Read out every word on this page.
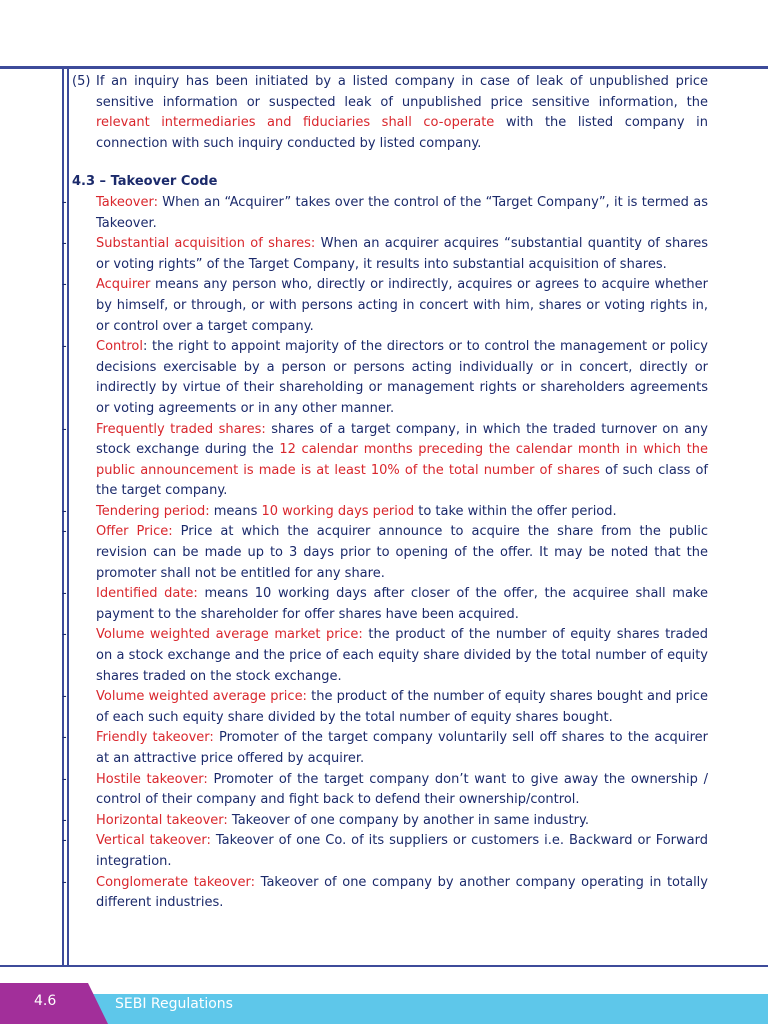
(5) If an inquiry has been initiated by a listed company in case of leak of unpublished price sensitive information or suspected leak of unpublished price sensitive information, the relevant intermediaries and fiduciaries shall co-operate with the listed company in connection with such inquiry conducted by listed company.

4.3 – Takeover Code
- Takeover: When an “Acquirer” takes over the control of the “Target Company”, it is termed as Takeover.
- Substantial acquisition of shares: When an acquirer acquires “substantial quantity of shares or voting rights” of the Target Company, it results into substantial acquisition of shares.
- Acquirer means any person who, directly or indirectly, acquires or agrees to acquire whether by himself, or through, or with persons acting in concert with him, shares or voting rights in, or control over a target company.
- Control: the right to appoint majority of the directors or to control the management or policy decisions exercisable by a person or persons acting individually or in concert, directly or indirectly by virtue of their shareholding or management rights or shareholders agreements or voting agreements or in any other manner.
- Frequently traded shares: shares of a target company, in which the traded turnover on any stock exchange during the 12 calendar months preceding the calendar month in which the public announcement is made is at least 10% of the total number of shares of such class of the target company.
- Tendering period: means 10 working days period to take within the offer period.
- Offer Price: Price at which the acquirer announce to acquire the share from the public revision can be made up to 3 days prior to opening of the offer. It may be noted that the promoter shall not be entitled for any share.
- Identified date: means 10 working days after closer of the offer, the acquiree shall make payment to the shareholder for offer shares have been acquired.
- Volume weighted average market price: the product of the number of equity shares traded on a stock exchange and the price of each equity share divided by the total number of equity shares traded on the stock exchange.
- Volume weighted average price: the product of the number of equity shares bought and price of each such equity share divided by the total number of equity shares bought.
- Friendly takeover: Promoter of the target company voluntarily sell off shares to the acquirer at an attractive price offered by acquirer.
- Hostile takeover: Promoter of the target company don’t want to give away the ownership / control of their company and fight back to defend their ownership/control.
- Horizontal takeover: Takeover of one company by another in same industry.
- Vertical takeover: Takeover of one Co. of its suppliers or customers i.e. Backward or Forward integration.
- Conglomerate takeover: Takeover of one company by another company operating in totally different industries.
4.6	SEBI Regulations
